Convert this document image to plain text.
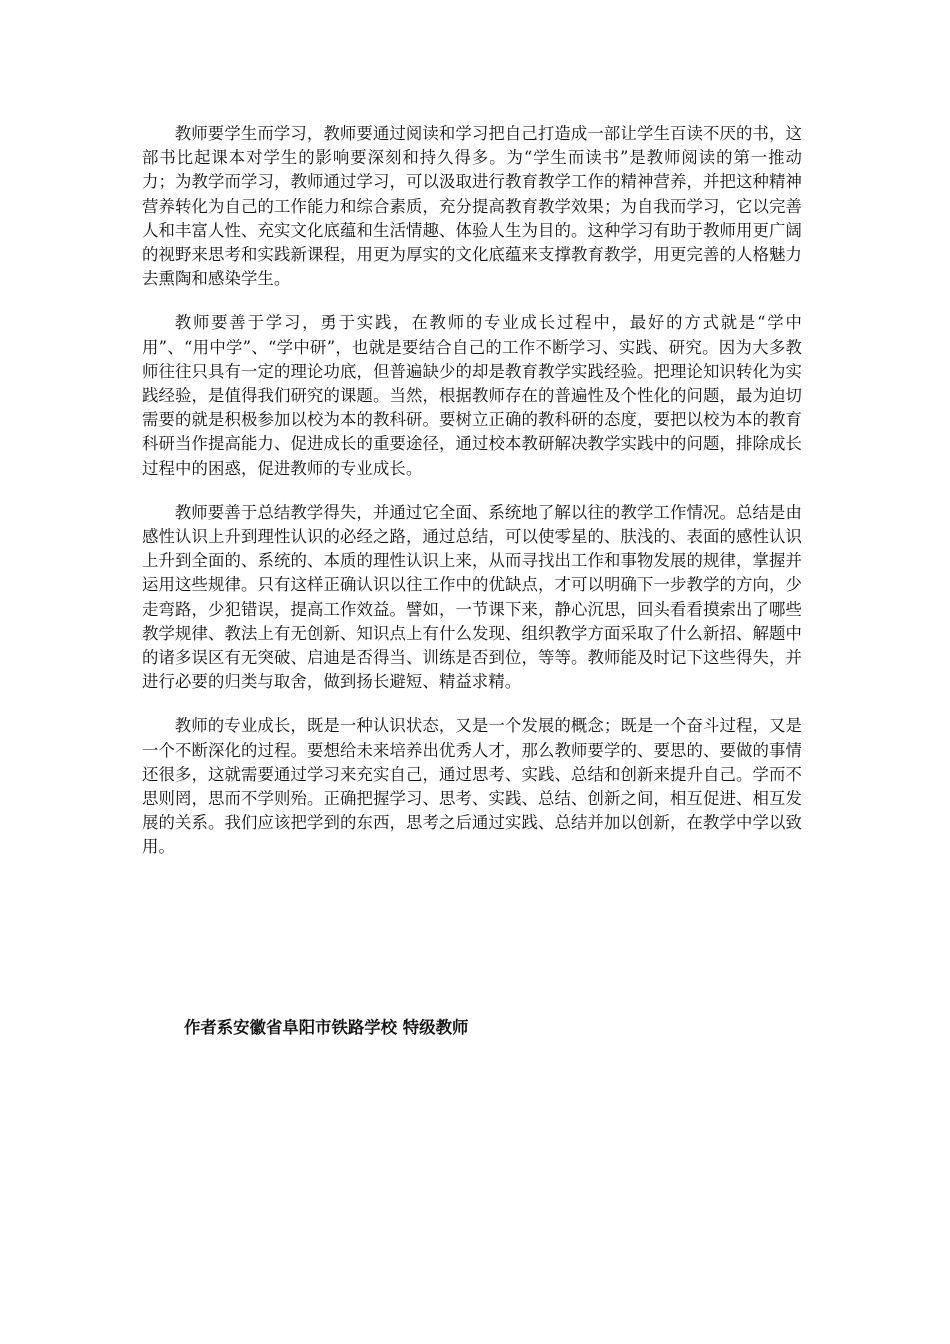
教师要学生而学习，教师要通过阅读和学习把自己打造成一部让学生百读不厌的书，这部书比起课本对学生的影响要深刻和持久得多。为“学生而读书”是教师阅读的第一推动力；为教学而学习，教师通过学习，可以汲取进行教育教学工作的精神营养，并把这种精神营养转化为自己的工作能力和综合素质，充分提高教育教学效果；为自我而学习，它以完善人和丰富人性、充实文化底蕴和生活情趣、体验人生为目的。这种学习有助于教师用更广阔的视野来思考和实践新课程，用更为厚实的文化底蕴来支撑教育教学，用更完善的人格魅力去熏陶和感染学生。

教师要善于学习，勇于实践，在教师的专业成长过程中，最好的方式就是“学中用”、“用中学”、“学中研”，也就是要结合自己的工作不断学习、实践、研究。因为大多教师往往只具有一定的理论功底，但普遍缺少的却是教育教学实践经验。把理论知识转化为实践经验，是值得我们研究的课题。当然，根据教师存在的普遍性及个性化的问题，最为迫切需要的就是积极参加以校为本的教科研。要树立正确的教科研的态度，要把以校为本的教育科研当作提高能力、促进成长的重要途径，通过校本教研解决教学实践中的问题，排除成长过程中的困惑，促进教师的专业成长。

教师要善于总结教学得失，并通过它全面、系统地了解以往的教学工作情况。总结是由感性认识上升到理性认识的必经之路，通过总结，可以使零星的、肤浅的、表面的感性认识上升到全面的、系统的、本质的理性认识上来，从而寻找出工作和事物发展的规律，掌握并运用这些规律。只有这样正确认识以往工作中的优缺点，才可以明确下一步教学的方向，少走弯路，少犯错误，提高工作效益。譬如，一节课下来，静心沉思，回头看看摸索出了哪些教学规律、教法上有无创新、知识点上有什么发现、组织教学方面采取了什么新招、解题中的诸多误区有无突破、启迪是否得当、训练是否到位，等等。教师能及时记下这些得失，并进行必要的归类与取舍，做到扬长避短、精益求精。

教师的专业成长，既是一种认识状态，又是一个发展的概念；既是一个奋斗过程，又是一个不断深化的过程。要想给未来培养出优秀人才，那么教师要学的、要思的、要做的事情还很多，这就需要通过学习来充实自己，通过思考、实践、总结和创新来提升自己。学而不思则罔，思而不学则殆。正确把握学习、思考、实践、总结、创新之间，相互促进、相互发展的关系。我们应该把学到的东西，思考之后通过实践、总结并加以创新，在教学中学以致用。

作者系安徽省阜阳市铁路学校 特级教师
